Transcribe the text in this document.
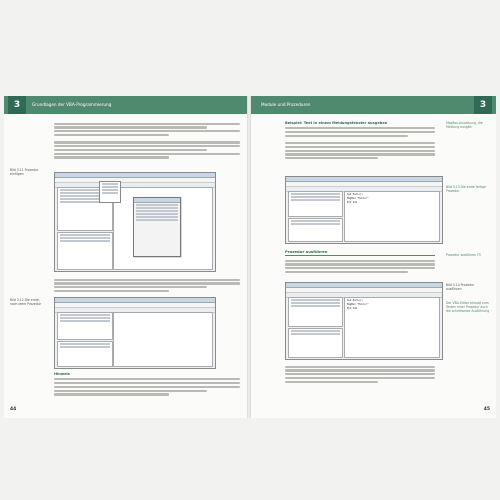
3	Grundlagen der VBA-Programmierung
Bild 3.11 Prozedur einfügen
Bild 3.12 Die erste, noch leere Prozedur
Hinweis
44
Module und Prozeduren	3
Beispiel: Text in einem Meldungsfenster ausgeben	MsgBox-Anweisung, die Meldung ausgibt
Sub Hallo()
MsgBox "Hallo!"
End Sub
Bild 3.13 Die erste fertige Prozedur
Prozedur ausführen
Prozedur ausführen F5
Sub Hallo()
MsgBox "Hallo!"
End Sub
Bild 3.14 Prozedur ausführen
Der VBA-Editor erlaubt zum Testen einer Prozedur auch die schrittweise Ausführung
45
